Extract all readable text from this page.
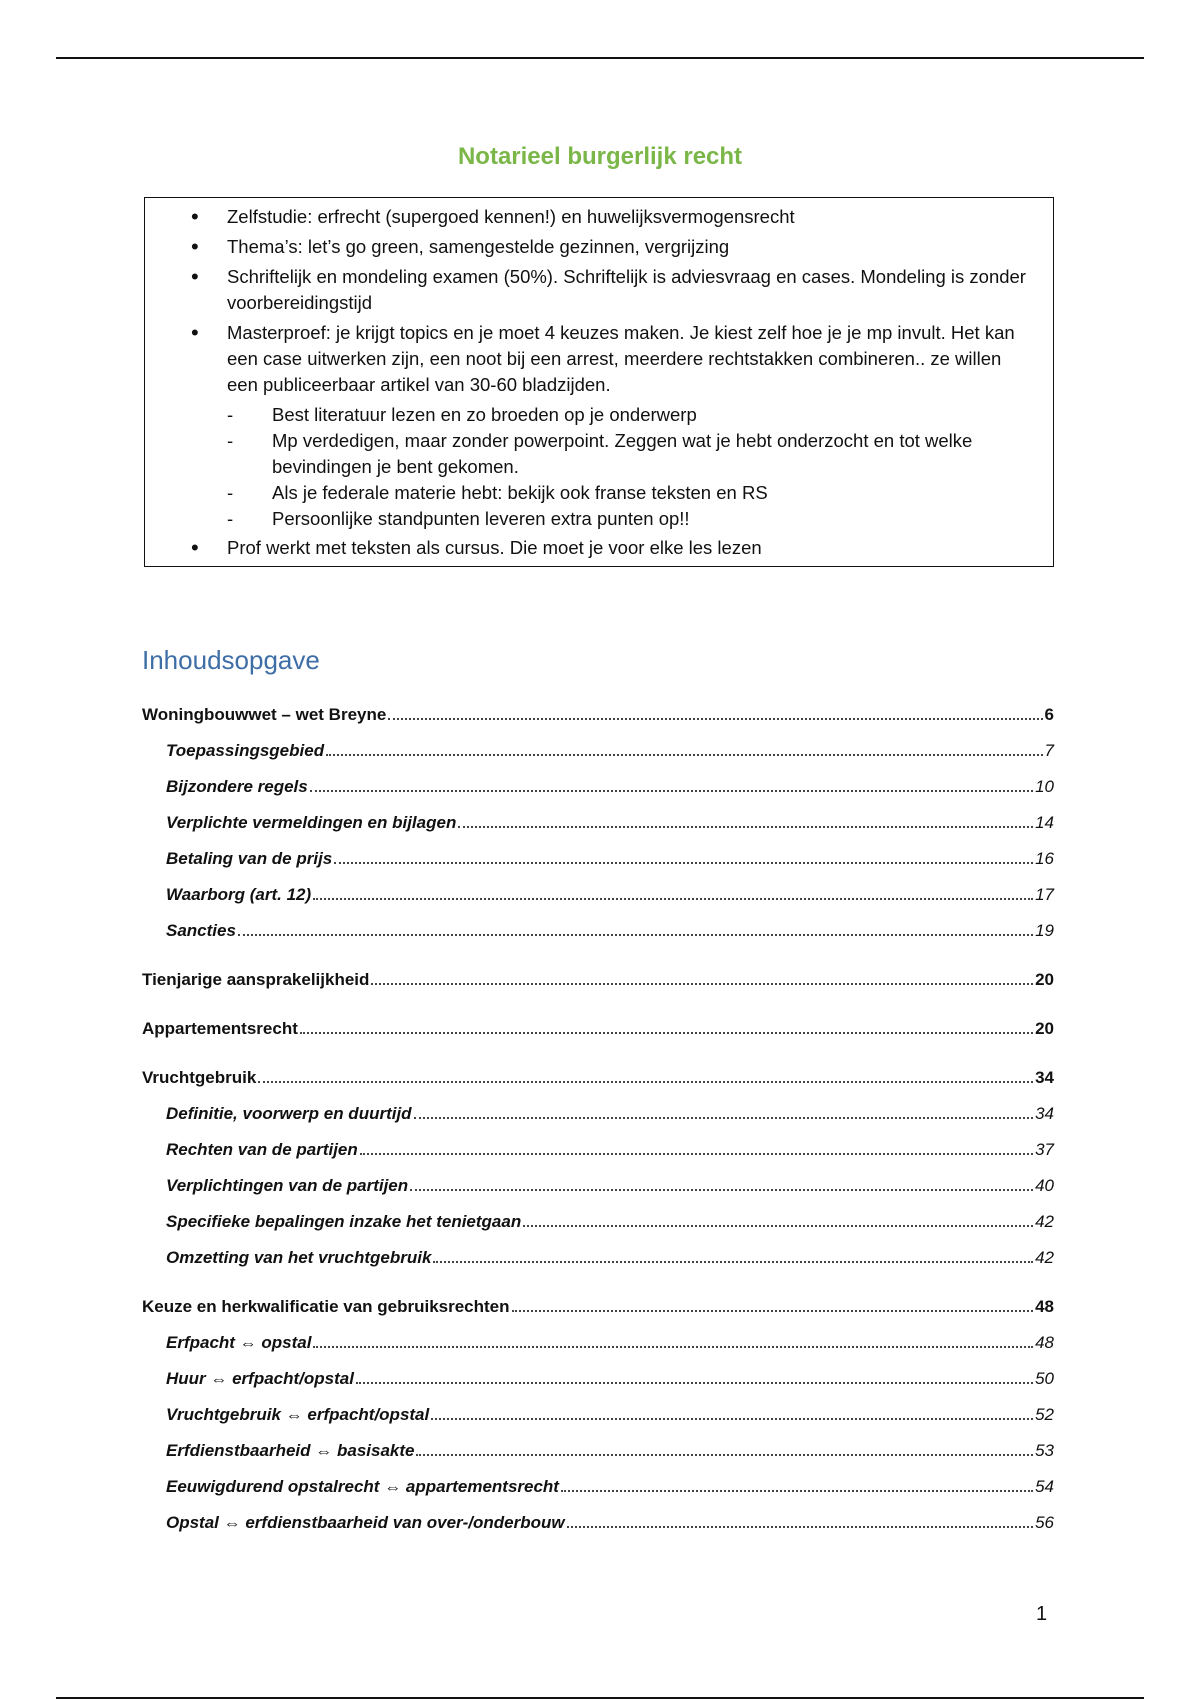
Notarieel burgerlijk recht
• Zelfstudie: erfrecht (supergoed kennen!) en huwelijksvermogensrecht
• Thema’s: let’s go green, samengestelde gezinnen, vergrijzing
• Schriftelijk en mondeling examen (50%). Schriftelijk is adviesvraag en cases. Mondeling is zonder voorbereidingstijd
• Masterproef: je krijgt topics en je moet 4 keuzes maken. Je kiest zelf hoe je je mp invult. Het kan een case uitwerken zijn, een noot bij een arrest, meerdere rechtstakken combineren.. ze willen een publiceerbaar artikel van 30-60 bladzijden.
- Best literatuur lezen en zo broeden op je onderwerp
- Mp verdedigen, maar zonder powerpoint. Zeggen wat je hebt onderzocht en tot welke bevindingen je bent gekomen.
- Als je federale materie hebt: bekijk ook franse teksten en RS
- Persoonlijke standpunten leveren extra punten op!!
• Prof werkt met teksten als cursus. Die moet je voor elke les lezen
Inhoudsopgave
Woningbouwwet – wet Breyne	6
Toepassingsgebied	7
Bijzondere regels	10
Verplichte vermeldingen en bijlagen	14
Betaling van de prijs	16
Waarborg (art. 12)	17
Sancties	19
Tienjarige aansprakelijkheid	20
Appartementsrecht	20
Vruchtgebruik	34
Definitie, voorwerp en duurtijd	34
Rechten van de partijen	37
Verplichtingen van de partijen	40
Specifieke bepalingen inzake het tenietgaan	42
Omzetting van het vruchtgebruik	42
Keuze en herkwalificatie van gebruiksrechten	48
Erfpacht ⇔ opstal	48
Huur ⇔ erfpacht/opstal	50
Vruchtgebruik ⇔ erfpacht/opstal	52
Erfdienstbaarheid ⇔ basisakte	53
Eeuwigdurend opstalrecht ⇔ appartementsrecht	54
Opstal ⇔ erfdienstbaarheid van over-/onderbouw	56
1
